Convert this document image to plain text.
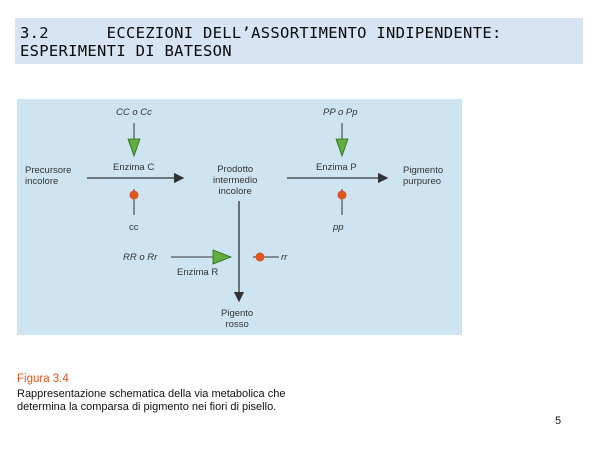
3.2      ECCEZIONI DELL’ASSORTIMENTO INDIPENDENTE:
ESPERIMENTI DI BATESON
CC o Cc	PP o Pp
Precursore
incolore
Enzima C	Prodotto
intermedio
incolore
Enzima P	Pigmento
purpureo
cc	pp
RR o Rr	rr
Enzima R
Pigento
rosso
Figura 3.4
Rappresentazione schematica della via metabolica che
determina la comparsa di pigmento nei fiori di pisello.
5
